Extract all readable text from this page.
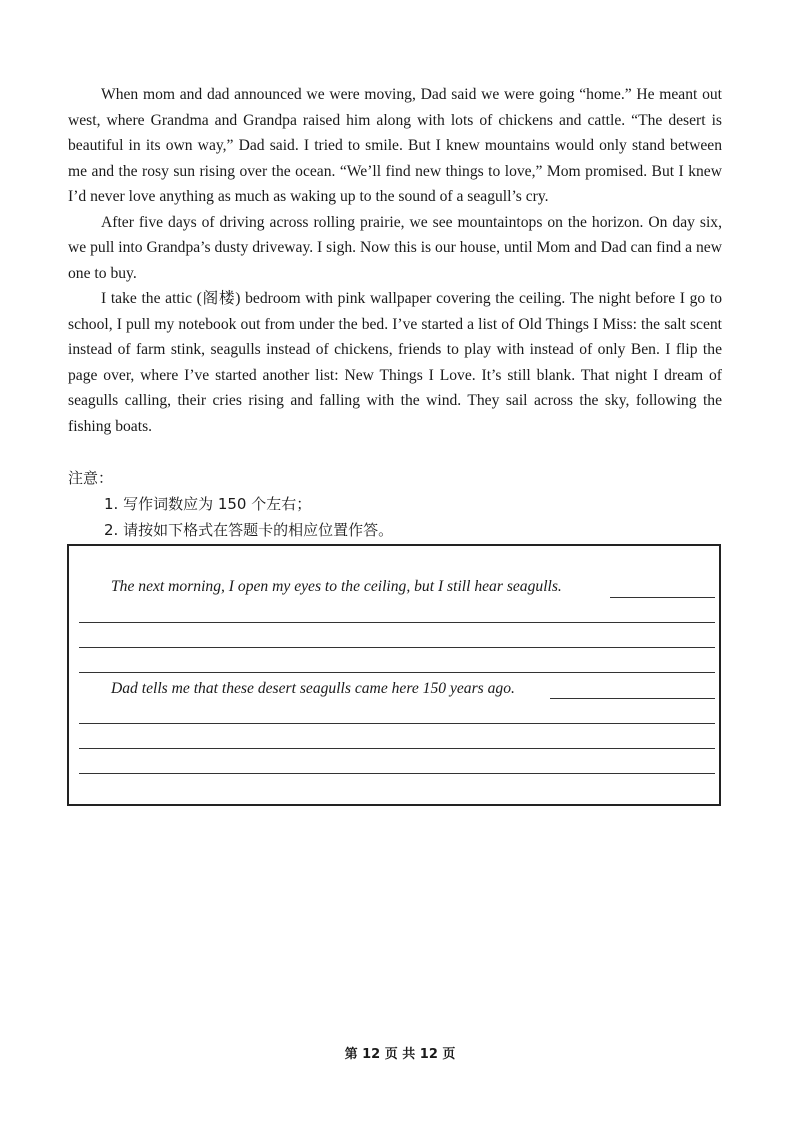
When mom and dad announced we were moving, Dad said we were going “home.” He meant out west, where Grandma and Grandpa raised him along with lots of chickens and cattle. “The desert is beautiful in its own way,” Dad said. I tried to smile. But I knew mountains would only stand between me and the rosy sun rising over the ocean. “We’ll find new things to love,” Mom promised. But I knew I’d never love anything as much as waking up to the sound of a seagull’s cry.

After five days of driving across rolling prairie, we see mountaintops on the horizon. On day six, we pull into Grandpa’s dusty driveway. I sigh. Now this is our house, until Mom and Dad can find a new one to buy.

I take the attic (阁楼) bedroom with pink wallpaper covering the ceiling. The night before I go to school, I pull my notebook out from under the bed. I’ve started a list of Old Things I Miss: the salt scent instead of farm stink, seagulls instead of chickens, friends to play with instead of only Ben. I flip the page over, where I’ve started another list: New Things I Love. It’s still blank. That night I dream of seagulls calling, their cries rising and falling with the wind. They sail across the sky, following the fishing boats.

注意：
1. 写作词数应为 150 个左右；
2. 请按如下格式在答题卡的相应位置作答。
The next morning, I open my eyes to the ceiling, but I still hear seagulls.
Dad tells me that these desert seagulls came here 150 years ago.
第 12 页 共 12 页
